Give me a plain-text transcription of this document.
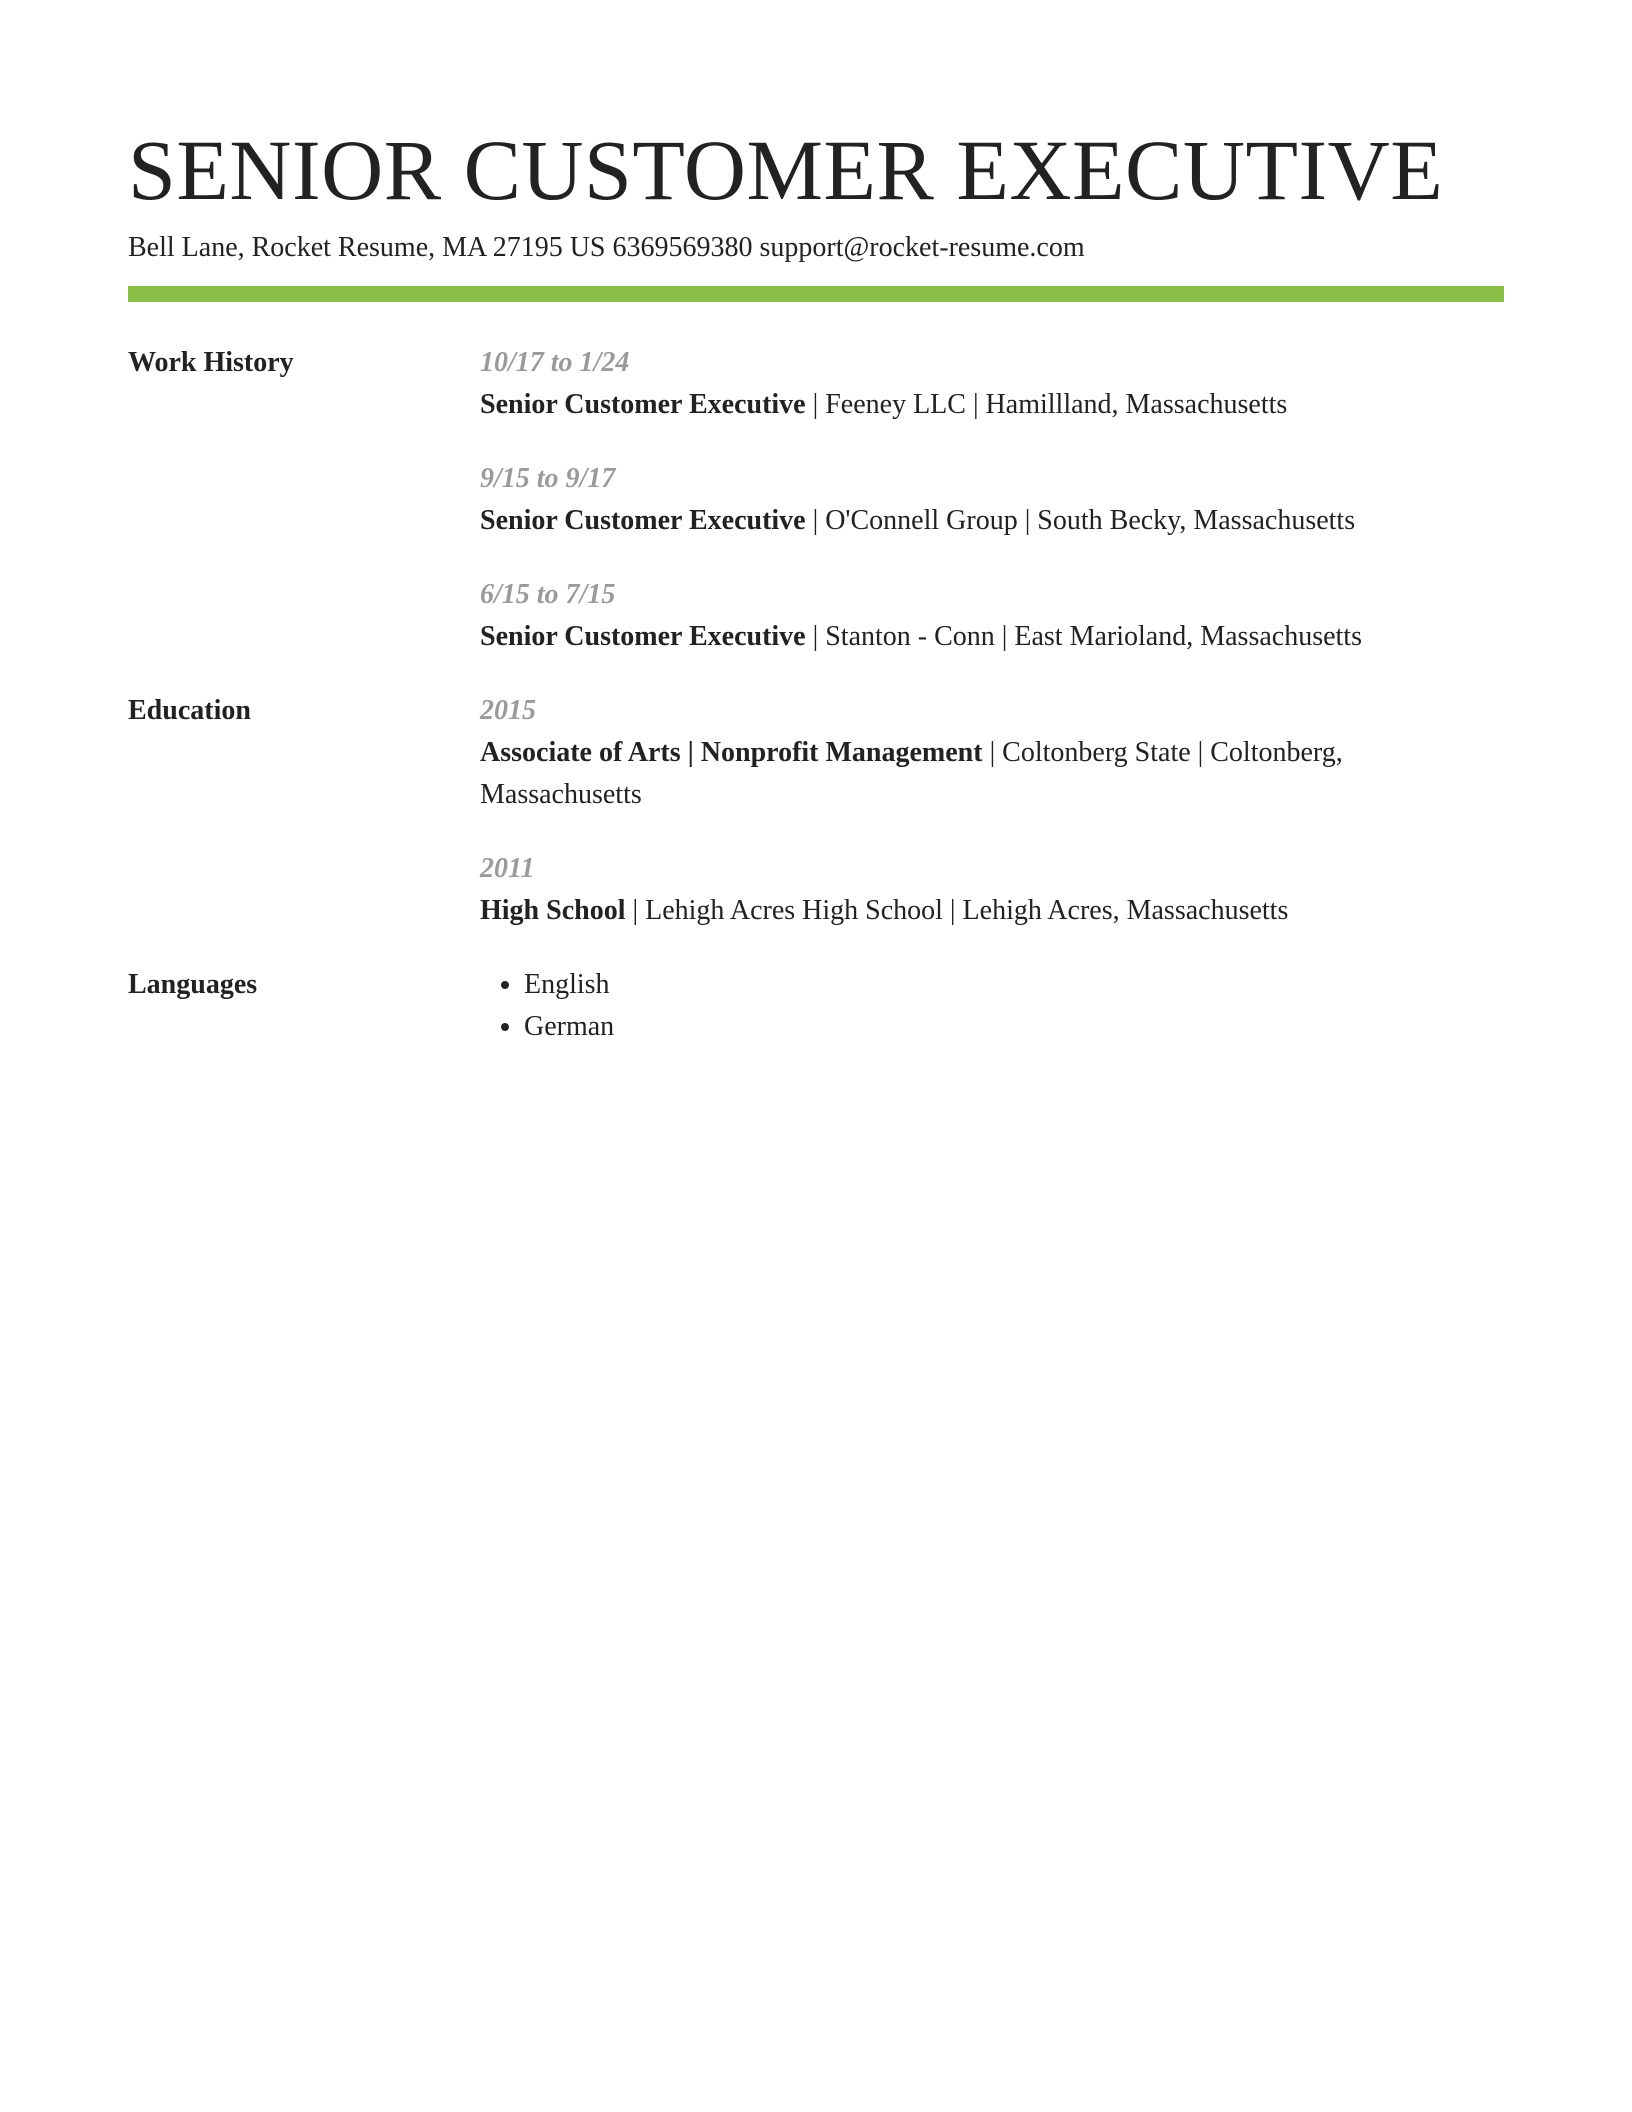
SENIOR CUSTOMER EXECUTIVE
Bell Lane, Rocket Resume, MA 27195 US 6369569380 support@rocket-resume.com
Work History	10/17 to 1/24
Senior Customer Executive | Feeney LLC | Hamillland, Massachusetts
9/15 to 9/17
Senior Customer Executive | O'Connell Group | South Becky, Massachusetts
6/15 to 7/15
Senior Customer Executive | Stanton - Conn | East Marioland, Massachusetts
Education	2015
Associate of Arts | Nonprofit Management | Coltonberg State | Coltonberg, Massachusetts
2011
High School | Lehigh Acres High School | Lehigh Acres, Massachusetts
Languages
•	English
• German
